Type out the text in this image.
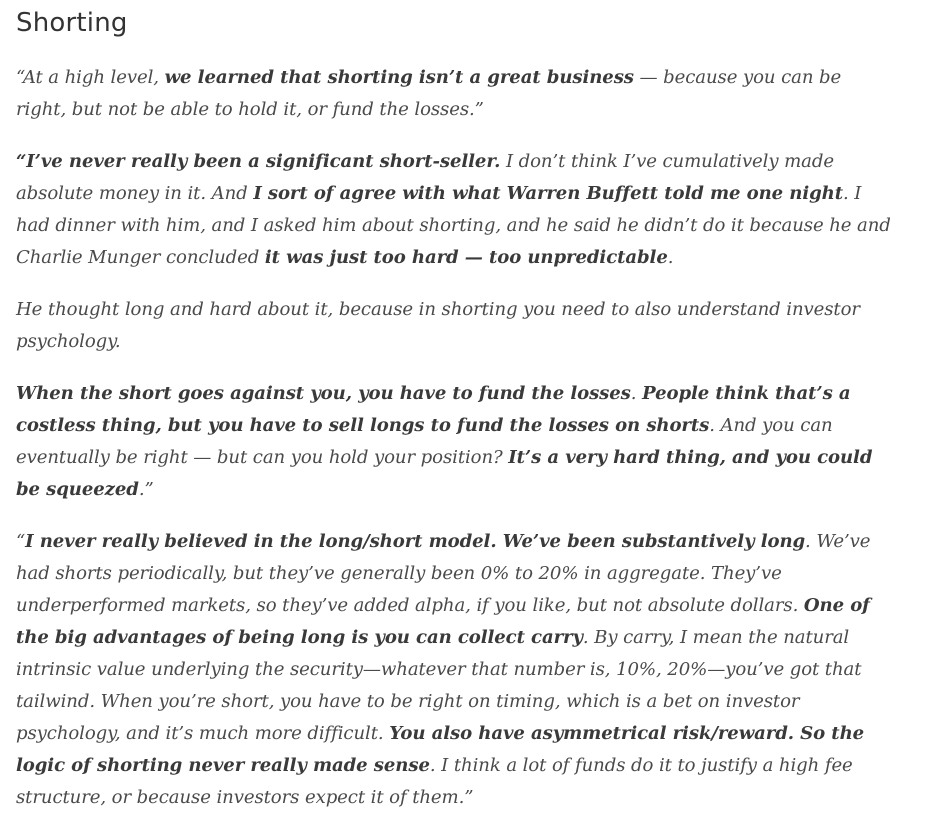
Shorting

“At a high level, we learned that shorting isn’t a great business — because you can be right, but not be able to hold it, or fund the losses.”

“I’ve never really been a significant short-seller. I don’t think I’ve cumulatively made absolute money in it. And I sort of agree with what Warren Buffett told me one night. I had dinner with him, and I asked him about shorting, and he said he didn’t do it because he and Charlie Munger concluded it was just too hard — too unpredictable.

He thought long and hard about it, because in shorting you need to also understand investor psychology.

When the short goes against you, you have to fund the losses. People think that’s a costless thing, but you have to sell longs to fund the losses on shorts. And you can eventually be right — but can you hold your position? It’s a very hard thing, and you could be squeezed.”

“I never really believed in the long/short model. We’ve been substantively long. We’ve had shorts periodically, but they’ve generally been 0% to 20% in aggregate. They’ve underperformed markets, so they’ve added alpha, if you like, but not absolute dollars. One of the big advantages of being long is you can collect carry. By carry, I mean the natural intrinsic value underlying the security—whatever that number is, 10%, 20%—you’ve got that tailwind. When you’re short, you have to be right on timing, which is a bet on investor psychology, and it’s much more difficult. You also have asymmetrical risk/reward. So the logic of shorting never really made sense. I think a lot of funds do it to justify a high fee structure, or because investors expect it of them.”
